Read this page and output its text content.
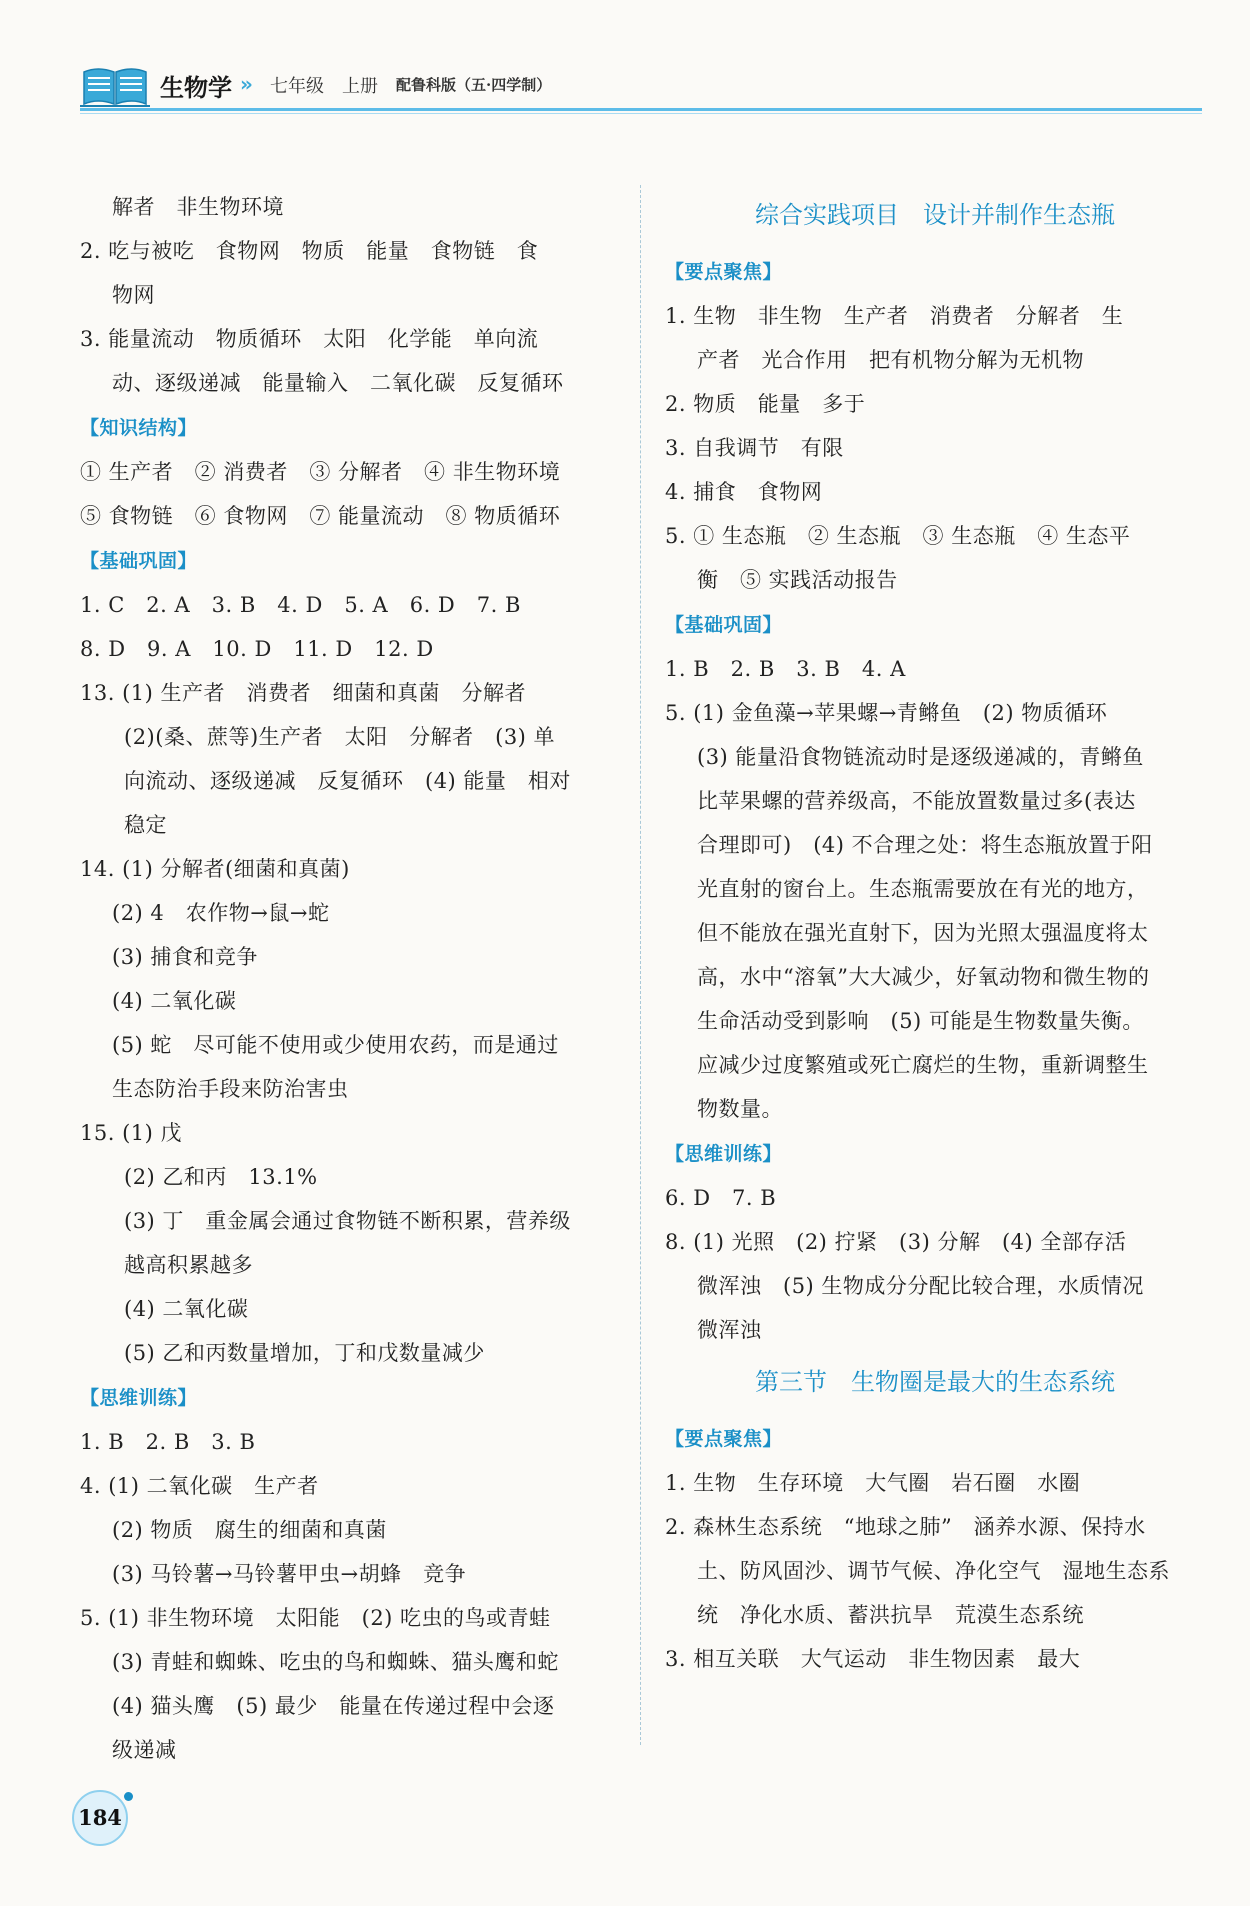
生物学 » 七年级 上册 配鲁科版（五·四学制）
解者　非生物环境
2. 吃与被吃　食物网　物质　能量　食物链　食
物网
3. 能量流动　物质循环　太阳　化学能　单向流
动、逐级递减　能量输入　二氧化碳　反复循环
【知识结构】
① 生产者　② 消费者　③ 分解者　④ 非生物环境
⑤ 食物链　⑥ 食物网　⑦ 能量流动　⑧ 物质循环
【基础巩固】
1. C　2. A　3. B　4. D　5. A　6. D　7. B
8. D　9. A　10. D　11. D　12. D
13. (1) 生产者　消费者　细菌和真菌　分解者
(2)(桑、蔗等)生产者　太阳　分解者　(3) 单
向流动、逐级递减　反复循环　(4) 能量　相对
稳定
14. (1) 分解者(细菌和真菌)
(2) 4　农作物→鼠→蛇
(3) 捕食和竞争
(4) 二氧化碳
(5) 蛇　尽可能不使用或少使用农药，而是通过
生态防治手段来防治害虫
15. (1) 戊
(2) 乙和丙　13.1%
(3) 丁　重金属会通过食物链不断积累，营养级
越高积累越多
(4) 二氧化碳
(5) 乙和丙数量增加，丁和戊数量减少
【思维训练】
1. B　2. B　3. B
4. (1) 二氧化碳　生产者
(2) 物质　腐生的细菌和真菌
(3) 马铃薯→马铃薯甲虫→胡蜂　竞争
5. (1) 非生物环境　太阳能　(2) 吃虫的鸟或青蛙
(3) 青蛙和蜘蛛、吃虫的鸟和蜘蛛、猫头鹰和蛇
(4) 猫头鹰　(5) 最少　能量在传递过程中会逐
级递减
综合实践项目　设计并制作生态瓶
【要点聚焦】
1. 生物　非生物　生产者　消费者　分解者　生
产者　光合作用　把有机物分解为无机物
2. 物质　能量　多于
3. 自我调节　有限
4. 捕食　食物网
5. ① 生态瓶　② 生态瓶　③ 生态瓶　④ 生态平
衡　⑤ 实践活动报告
【基础巩固】
1. B　2. B　3. B　4. A
5. (1) 金鱼藻→苹果螺→青鳉鱼　(2) 物质循环
(3) 能量沿食物链流动时是逐级递减的，青鳉鱼
比苹果螺的营养级高，不能放置数量过多(表达
合理即可)　(4) 不合理之处：将生态瓶放置于阳
光直射的窗台上。生态瓶需要放在有光的地方，
但不能放在强光直射下，因为光照太强温度将太
高，水中“溶氧”大大减少，好氧动物和微生物的
生命活动受到影响　(5) 可能是生物数量失衡。
应减少过度繁殖或死亡腐烂的生物，重新调整生
物数量。
【思维训练】
6. D　7. B
8. (1) 光照　(2) 拧紧　(3) 分解　(4) 全部存活
微浑浊　(5) 生物成分分配比较合理，水质情况
微浑浊
第三节　生物圈是最大的生态系统
【要点聚焦】
1. 生物　生存环境　大气圈　岩石圈　水圈
2. 森林生态系统　“地球之肺”　涵养水源、保持水
土、防风固沙、调节气候、净化空气　湿地生态系
统　净化水质、蓄洪抗旱　荒漠生态系统
3. 相互关联　大气运动　非生物因素　最大
184
